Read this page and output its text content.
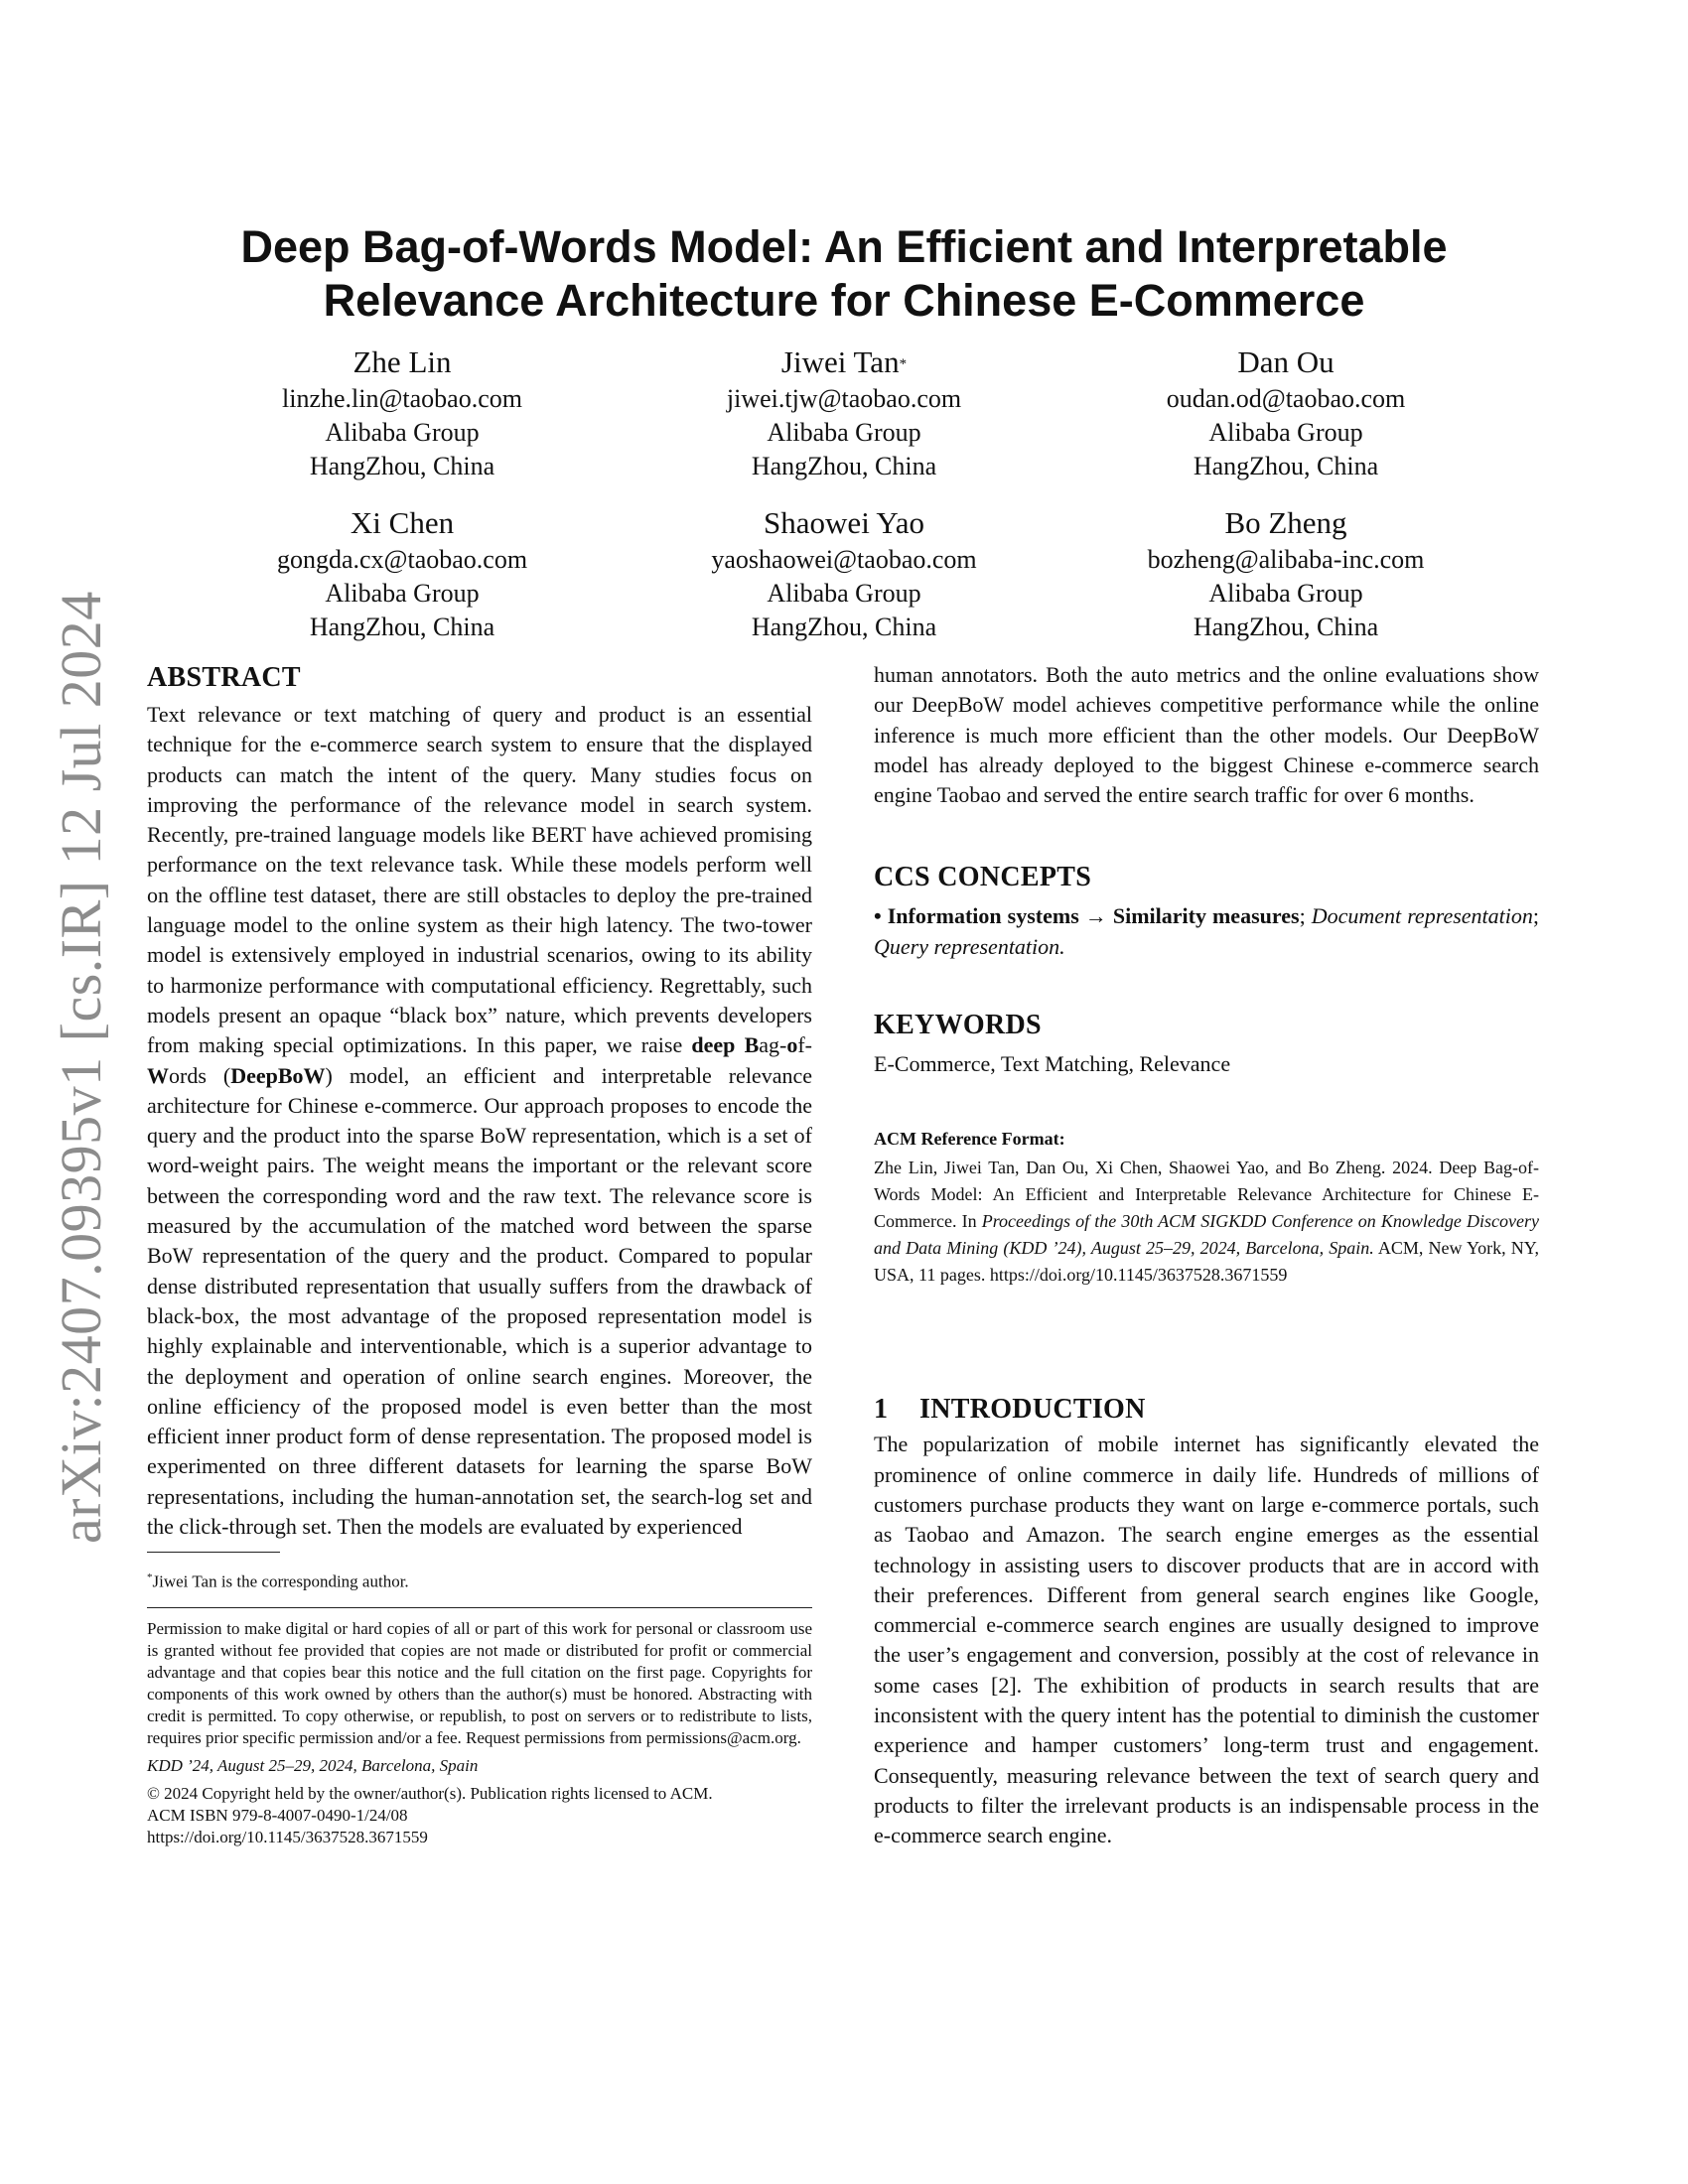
arXiv:2407.09395v1 [cs.IR] 12 Jul 2024
Deep Bag-of-Words Model: An Efficient and Interpretable
Relevance Architecture for Chinese E-Commerce
Zhe Lin
linzhe.lin@taobao.com
Alibaba Group
HangZhou, China
Jiwei Tan*
jiwei.tjw@taobao.com
Alibaba Group
HangZhou, China
Dan Ou
oudan.od@taobao.com
Alibaba Group
HangZhou, China
Xi Chen
gongda.cx@taobao.com
Alibaba Group
HangZhou, China
Shaowei Yao
yaoshaowei@taobao.com
Alibaba Group
HangZhou, China
Bo Zheng
bozheng@alibaba-inc.com
Alibaba Group
HangZhou, China
ABSTRACT

Text relevance or text matching of query and product is an essential technique for the e-commerce search system to ensure that the displayed products can match the intent of the query. Many studies focus on improving the performance of the relevance model in search system. Recently, pre-trained language models like BERT have achieved promising performance on the text relevance task. While these models perform well on the offline test dataset, there are still obstacles to deploy the pre-trained language model to the online system as their high latency. The two-tower model is extensively employed in industrial scenarios, owing to its ability to harmonize performance with computational efficiency. Regrettably, such models present an opaque “black box” nature, which prevents developers from making special optimizations. In this paper, we raise deep Bag-of-Words (DeepBoW) model, an efficient and interpretable relevance architecture for Chinese e-commerce. Our approach proposes to encode the query and the product into the sparse BoW representation, which is a set of word-weight pairs. The weight means the important or the relevant score between the corresponding word and the raw text. The relevance score is measured by the accumulation of the matched word between the sparse BoW representation of the query and the product. Compared to popular dense distributed representation that usually suffers from the drawback of black-box, the most advantage of the proposed representation model is highly explainable and interventionable, which is a superior advantage to the deployment and operation of online search engines. Moreover, the online efficiency of the proposed model is even better than the most efficient inner product form of dense representation. The proposed model is experimented on three different datasets for learning the sparse BoW representations, including the human-annotation set, the search-log set and the click-through set. Then the models are evaluated by experienced

*Jiwei Tan is the corresponding author.
Permission to make digital or hard copies of all or part of this work for personal or classroom use is granted without fee provided that copies are not made or distributed for profit or commercial advantage and that copies bear this notice and the full citation on the first page. Copyrights for components of this work owned by others than the author(s) must be honored. Abstracting with credit is permitted. To copy otherwise, or republish, to post on servers or to redistribute to lists, requires prior specific permission and/or a fee. Request permissions from permissions@acm.org.
KDD ’24, August 25–29, 2024, Barcelona, Spain
© 2024 Copyright held by the owner/author(s). Publication rights licensed to ACM.
ACM ISBN 979-8-4007-0490-1/24/08
https://doi.org/10.1145/3637528.3671559

human annotators. Both the auto metrics and the online evaluations show our DeepBoW model achieves competitive performance while the online inference is much more efficient than the other models. Our DeepBoW model has already deployed to the biggest Chinese e-commerce search engine Taobao and served the entire search traffic for over 6 months.

CCS CONCEPTS

• Information systems → Similarity measures; Document representation; Query representation.

KEYWORDS

E-Commerce, Text Matching, Relevance

ACM Reference Format:

Zhe Lin, Jiwei Tan, Dan Ou, Xi Chen, Shaowei Yao, and Bo Zheng. 2024. Deep Bag-of-Words Model: An Efficient and Interpretable Relevance Architecture for Chinese E-Commerce. In Proceedings of the 30th ACM SIGKDD Conference on Knowledge Discovery and Data Mining (KDD ’24), August 25–29, 2024, Barcelona, Spain. ACM, New York, NY, USA, 11 pages. https://doi.org/10.1145/3637528.3671559

1 INTRODUCTION

The popularization of mobile internet has significantly elevated the prominence of online commerce in daily life. Hundreds of millions of customers purchase products they want on large e-commerce portals, such as Taobao and Amazon. The search engine emerges as the essential technology in assisting users to discover products that are in accord with their preferences. Different from general search engines like Google, commercial e-commerce search engines are usually designed to improve the user’s engagement and conversion, possibly at the cost of relevance in some cases [2]. The exhibition of products in search results that are inconsistent with the query intent has the potential to diminish the customer experience and hamper customers’ long-term trust and engagement. Consequently, measuring relevance between the text of search query and products to filter the irrelevant products is an indispensable process in the e-commerce search engine.
